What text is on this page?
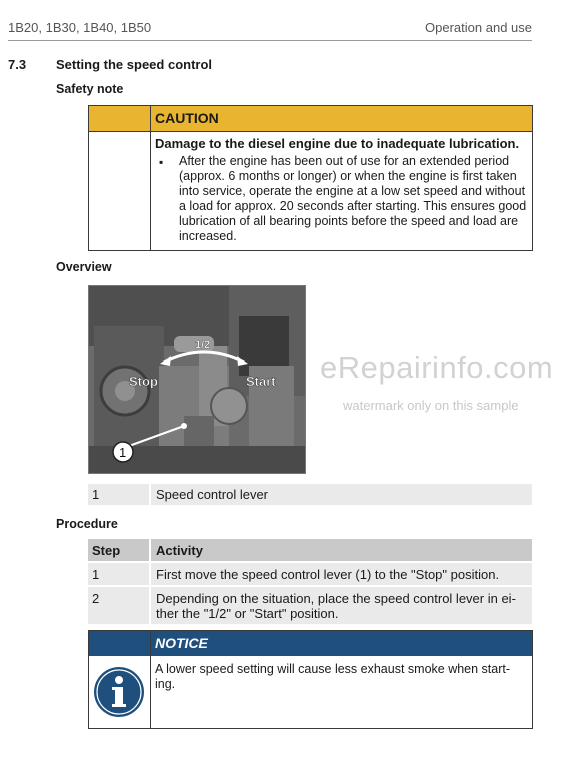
1B20, 1B30, 1B40, 1B50	Operation and use
7.3 Setting the speed control
Safety note
CAUTION
Damage to the diesel engine due to inadequate lubrication.
▪ After the engine has been out of use for an extended period (approx. 6 months or longer) or when the engine is first taken into service, operate the engine at a low set speed and without a load for approx. 20 seconds after starting. This ensures good lubrication of all bearing points before the speed and load are increased.
Overview
Stop
1/2
Start
1
eRepairinfo.com
watermark only on this sample
1	Speed control lever
Procedure
Step	Activity
1	First move the speed control lever (1) to the "Stop" position.
2	Depending on the situation, place the speed control lever in ei-ther the "1/2" or "Start" position.
NOTICE
A lower speed setting will cause less exhaust smoke when start-ing.
